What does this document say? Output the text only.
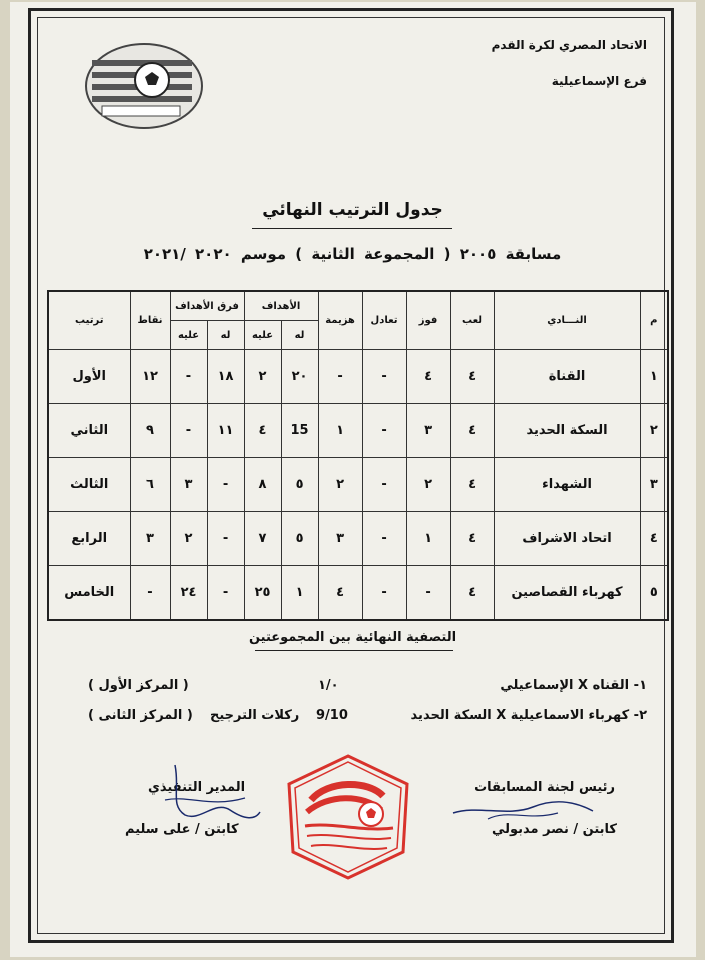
الاتحاد المصري لكرة القدم
فرع الإسماعيلية
جدول الترتيب النهائي
مسابقة ٢٠٠٥ ( المجموعة الثانية ) موسم ٢٠٢٠ /٢٠٢١
م	النـــادي	لعب	فوز	تعادل	هزيمة	الأهداف		فرق الأهداف		نقاط	ترتيب
						له	عليه	له	عليه		
١	القناة	٤	٤	-	-	٢٠	٢	١٨	-	١٢	الأول
٢	السكة الحديد	٤	٣	-	١	15	٤	١١	-	٩	الثاني
٣	الشهداء	٤	٢	-	٢	٥	٨	-	٣	٦	الثالث
٤	اتحاد الاشراف	٤	١	-	٣	٥	٧	-	٢	٣	الرابع
٥	كهرباء القصاصين	٤	-	-	٤	١	٢٥	-	٢٤	-	الخامس
التصفية النهائية بين المجموعتين
١- القناه X الإسماعيلي
١/٠
( المركز الأول )
٢- كهرباء الاسماعيلية X السكة الحديد
9/10
ركلات الترجيح
( المركز الثانى )
رئيس لجنة المسابقات
كابتن / نصر مدبولي
المدير التنفيذي
كابتن / على سليم
